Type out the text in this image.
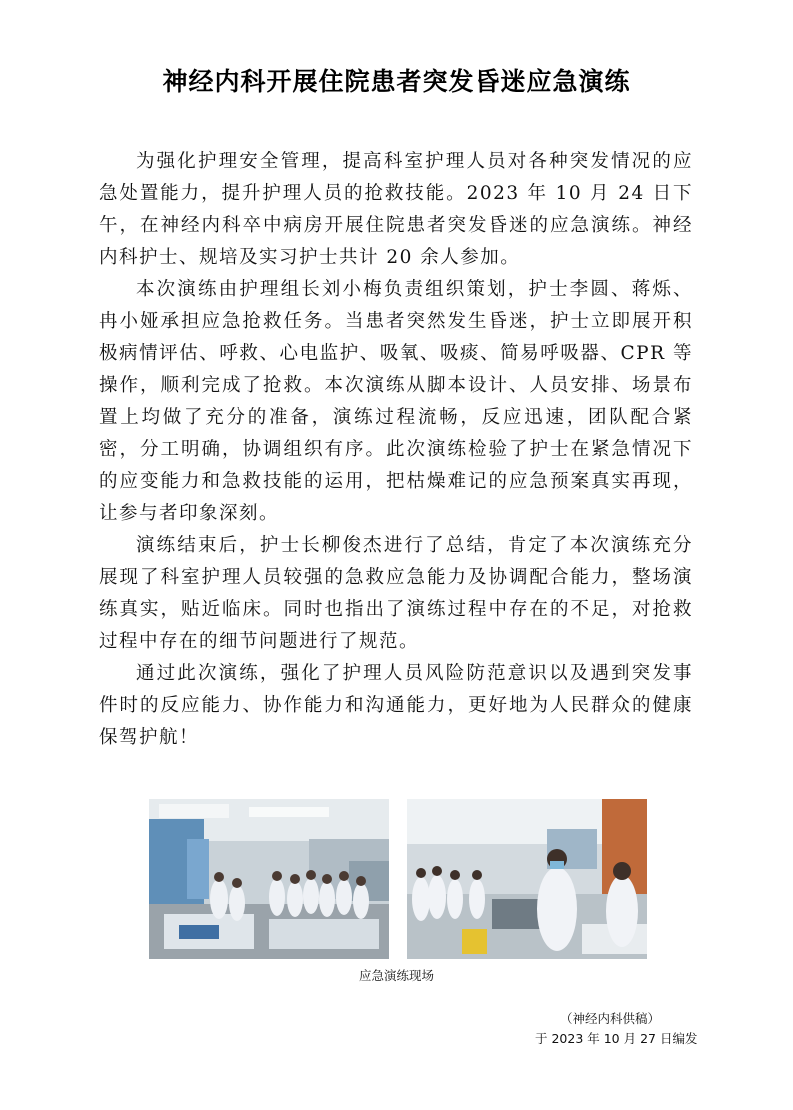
神经内科开展住院患者突发昏迷应急演练

为强化护理安全管理，提高科室护理人员对各种突发情况的应急处置能力，提升护理人员的抢救技能。2023 年 10 月 24 日下午，在神经内科卒中病房开展住院患者突发昏迷的应急演练。神经内科护士、规培及实习护士共计 20 余人参加。

本次演练由护理组长刘小梅负责组织策划，护士李圆、蒋烁、冉小娅承担应急抢救任务。当患者突然发生昏迷，护士立即展开积极病情评估、呼救、心电监护、吸氧、吸痰、简易呼吸器、CPR 等操作，顺利完成了抢救。本次演练从脚本设计、人员安排、场景布置上均做了充分的准备，演练过程流畅，反应迅速，团队配合紧密，分工明确，协调组织有序。此次演练检验了护士在紧急情况下的应变能力和急救技能的运用，把枯燥难记的应急预案真实再现，让参与者印象深刻。

演练结束后，护士长柳俊杰进行了总结，肯定了本次演练充分展现了科室护理人员较强的急救应急能力及协调配合能力，整场演练真实，贴近临床。同时也指出了演练过程中存在的不足，对抢救过程中存在的细节问题进行了规范。

通过此次演练，强化了护理人员风险防范意识以及遇到突发事件时的反应能力、协作能力和沟通能力，更好地为人民群众的健康保驾护航！

应急演练现场
（神经内科供稿）
于 2023 年 10 月 27 日编发
